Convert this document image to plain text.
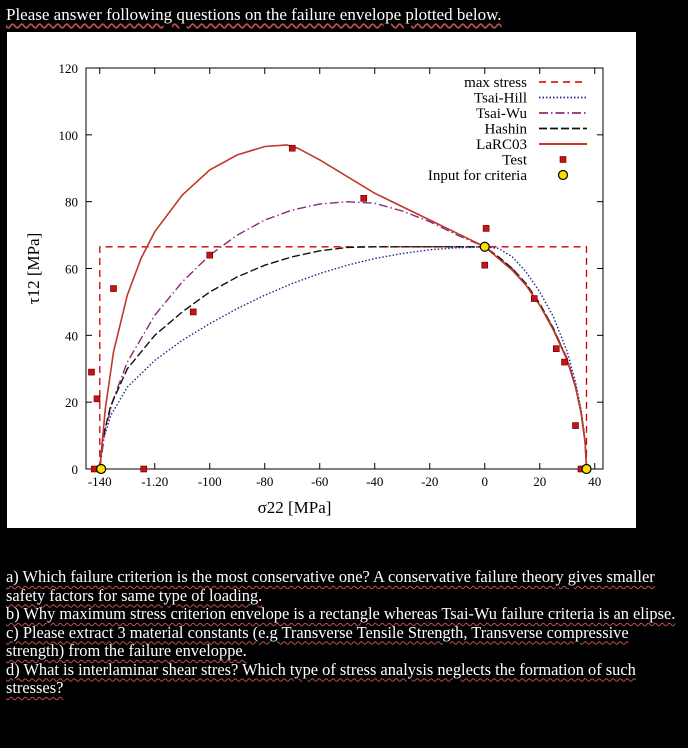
Please answer following questions on the failure envelope plotted below.
-140 -1.20 -100	-80	-60	-40	-20	0	20	40
0
20
40
60
80
100
120
σ22 [MPa]
τ12 [MPa]
max stress
Tsai-Hill
Tsai-Wu
Hashin
LaRC03
Test
Input for criteria

a) Which failure criterion is the most conservative one? A conservative failure theory gives smaller safety factors for same type of loading.

b) Why maximum stress criterion envelope is a rectangle whereas Tsai-Wu failure criteria is an elipse.

c) Please extract 3 material constants (e.g Transverse Tensile Strength, Transverse compressive strength) from the failure enveloppe.

d) What is interlaminar shear stres? Which type of stress analysis neglects the formation of such stresses?
